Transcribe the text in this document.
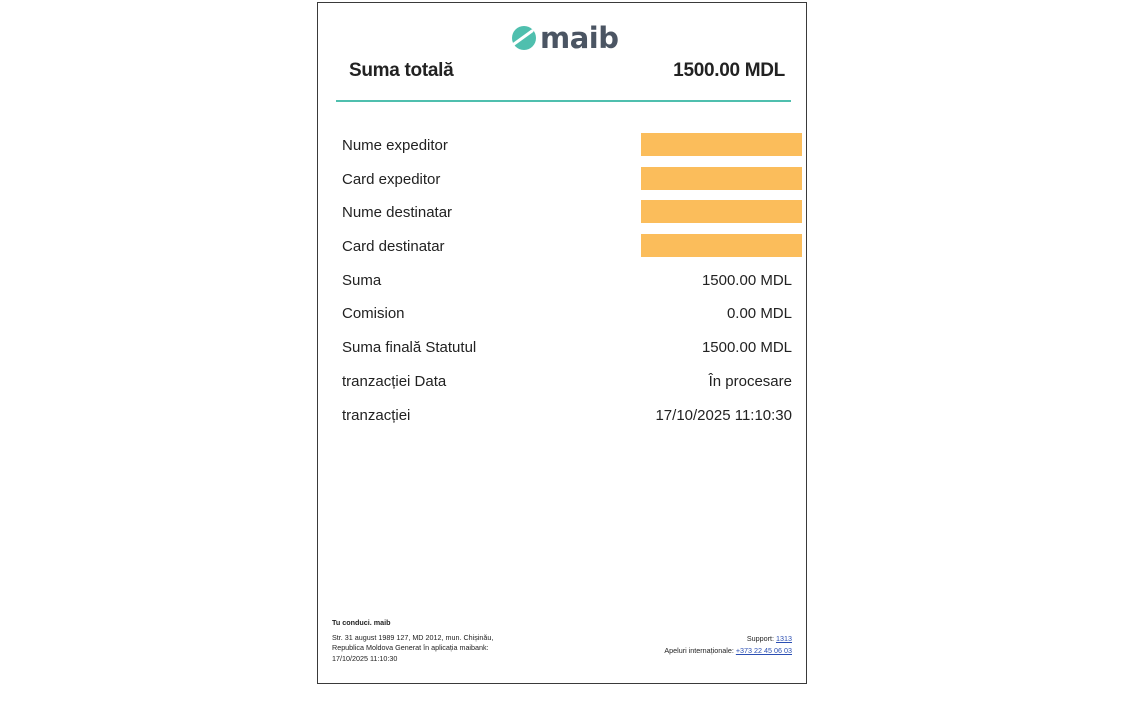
maib
Suma totală	1500.00 MDL
Nume expeditor
Card expeditor
Nume destinatar
Card destinatar
Suma	1500.00 MDL
Comision	0.00 MDL
Suma finală Statutul	1500.00 MDL
tranzacției Data	În procesare
tranzacției	17/10/2025 11:10:30
Tu conduci. maib
Str. 31 august 1989 127, MD 2012, mun. Chișinău,
Republica Moldova Generat în aplicația maibank:
17/10/2025 11:10:30
Support: 1313
Apeluri internaționale: +373 22 45 06 03
